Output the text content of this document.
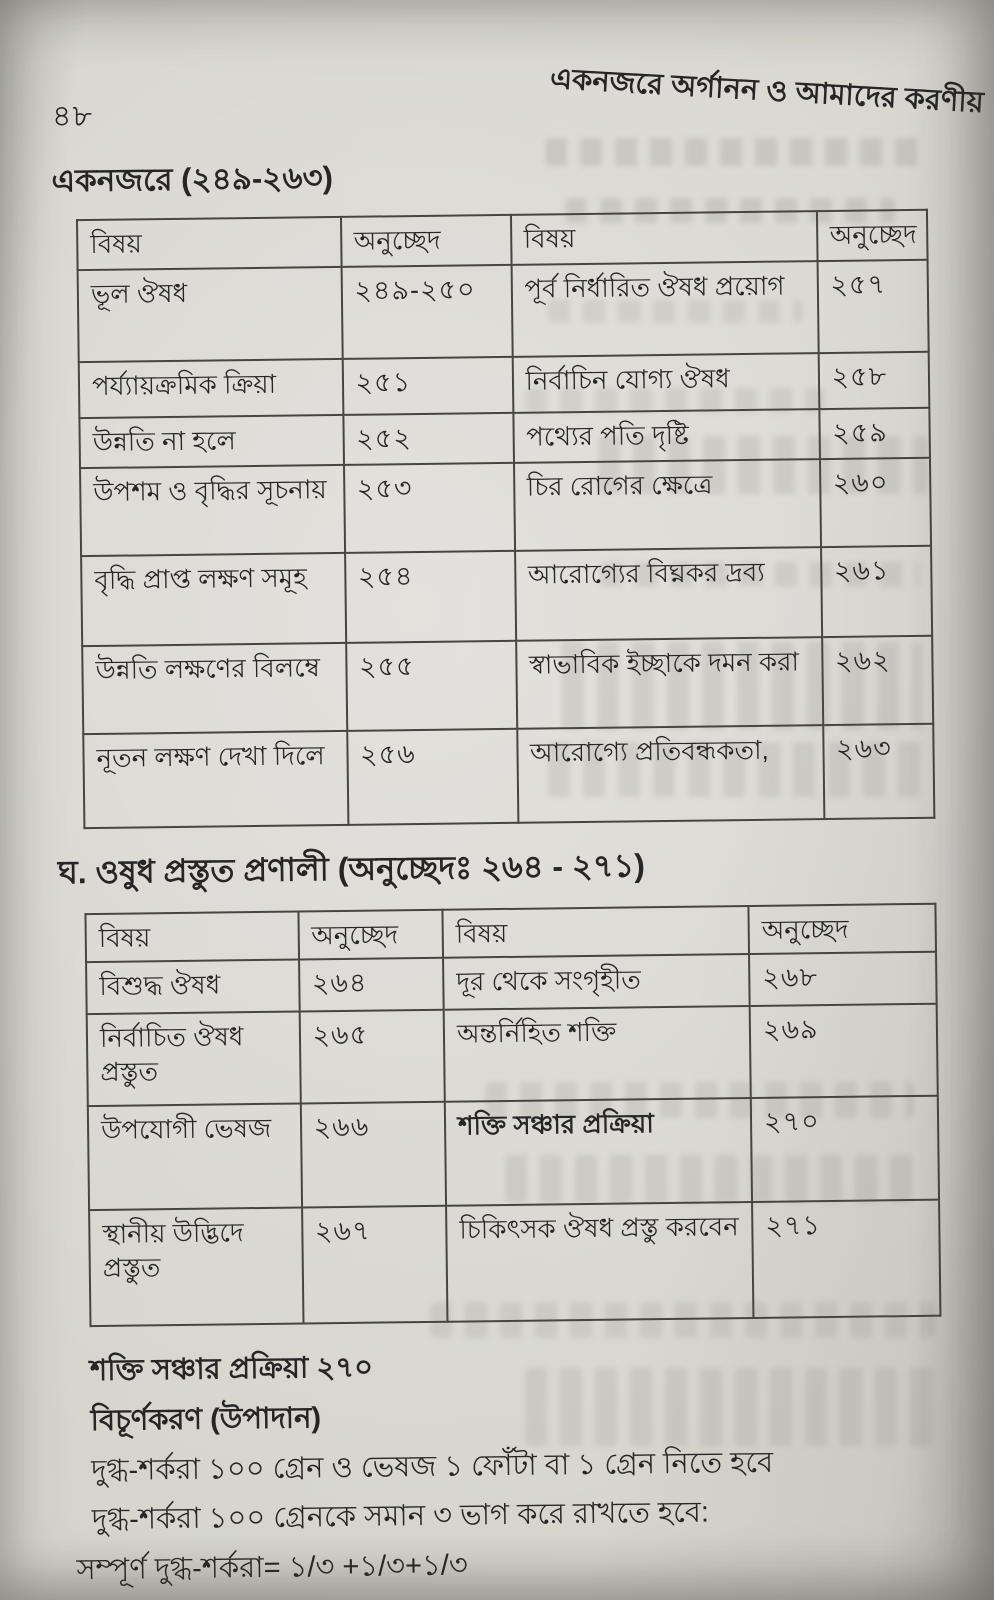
একনজরে অর্গানন ও আমাদের করণীয়
৪৮
একনজরে (২৪৯-২৬৩)
বিষয়	অনুচ্ছেদ	বিষয়	অনুচ্ছেদ
ভূল ঔষধ	২৪৯-২৫০	পূর্ব নির্ধারিত ঔষধ প্রয়োগ	২৫৭
পর্য্যায়ক্রমিক ক্রিয়া	২৫১	নির্বাচিন যোগ্য ঔষধ	২৫৮
উন্নতি না হলে	২৫২	পথ্যের পতি দৃষ্টি	২৫৯
উপশম ও বৃদ্ধির সূচনায়	২৫৩	চির রোগের ক্ষেত্রে	২৬০
বৃদ্ধি প্রাপ্ত লক্ষণ সমূহ	২৫৪	আরোগ্যের বিঘ্নকর দ্রব্য	২৬১
উন্নতি লক্ষণের বিলম্বে	২৫৫	স্বাভাবিক ইচ্ছাকে দমন করা	২৬২
নূতন লক্ষণ দেখা দিলে	২৫৬	আরোগ্যে প্রতিবন্ধকতা,	২৬৩
ঘ. ওষুধ প্রস্তুত প্রণালী (অনুচ্ছেদঃ ২৬৪ - ২৭১)
বিষয়	অনুচ্ছেদ	বিষয়	অনুচ্ছেদ
বিশুদ্ধ ঔষধ	২৬৪	দূর থেকে সংগৃহীত	২৬৮
নির্বাচিত ঔষধ প্রস্তুত	২৬৫	অন্তর্নিহিত শক্তি	২৬৯
উপযোগী ভেষজ	২৬৬	শক্তি সঞ্চার প্রক্রিয়া	২৭০
স্থানীয় উদ্ভিদে প্রস্তুত	২৬৭	চিকিৎসক ঔষধ প্রস্তু করবেন	২৭১
শক্তি সঞ্চার প্রক্রিয়া ২৭০
বিচূর্ণকরণ (উপাদান)
দুগ্ধ-শর্করা ১০০ গ্রেন ও ভেষজ ১ ফোঁটা বা ১ গ্রেন নিতে হবে
দুগ্ধ-শর্করা ১০০ গ্রেনকে সমান ৩ ভাগ করে রাখতে হবে:
সম্পূর্ণ দুগ্ধ-শর্করা= ১/৩ +১/৩+১/৩
